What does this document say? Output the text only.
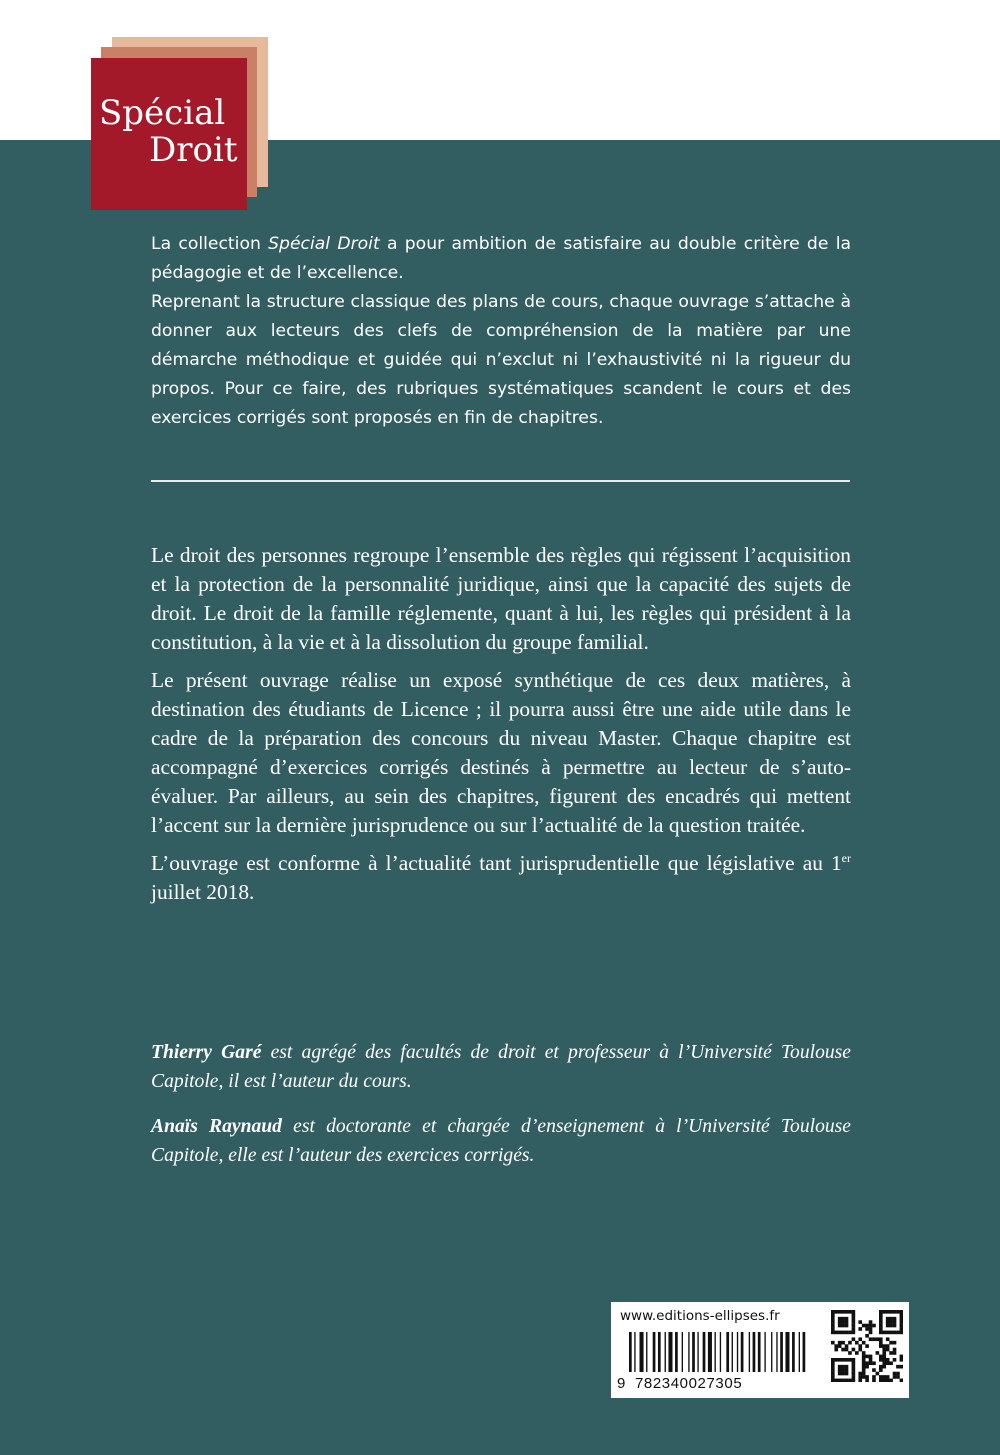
Spécial
Droit

La collection Spécial Droit a pour ambition de satisfaire au double critère de la pédagogie et de l’excellence.

Reprenant la structure classique des plans de cours, chaque ouvrage s’attache à donner aux lecteurs des clefs de compréhension de la matière par une démarche méthodique et guidée qui n’exclut ni l’exhaustivité ni la rigueur du propos. Pour ce faire, des rubriques systématiques scandent le cours et des exercices corrigés sont proposés en fin de chapitres.

Le droit des personnes regroupe l’ensemble des règles qui régissent l’acquisition et la protection de la personnalité juridique, ainsi que la capacité des sujets de droit. Le droit de la famille réglemente, quant à lui, les règles qui président à la constitution, à la vie et à la dissolution du groupe familial.

Le présent ouvrage réalise un exposé synthétique de ces deux matières, à destination des étudiants de Licence ; il pourra aussi être une aide utile dans le cadre de la préparation des concours du niveau Master. Chaque chapitre est accompagné d’exercices corrigés destinés à permettre au lecteur de s’auto-évaluer. Par ailleurs, au sein des chapitres, figurent des encadrés qui mettent l’accent sur la dernière jurisprudence ou sur l’actualité de la question traitée.

L’ouvrage est conforme à l’actualité tant jurisprudentielle que législative au 1er juillet 2018.

Thierry Garé est agrégé des facultés de droit et professeur à l’Université Toulouse Capitole, il est l’auteur du cours.

Anaïs Raynaud est doctorante et chargée d’enseignement à l’Université Toulouse Capitole, elle est l’auteur des exercices corrigés.

www.editions-ellipses.fr
9 782340027305
